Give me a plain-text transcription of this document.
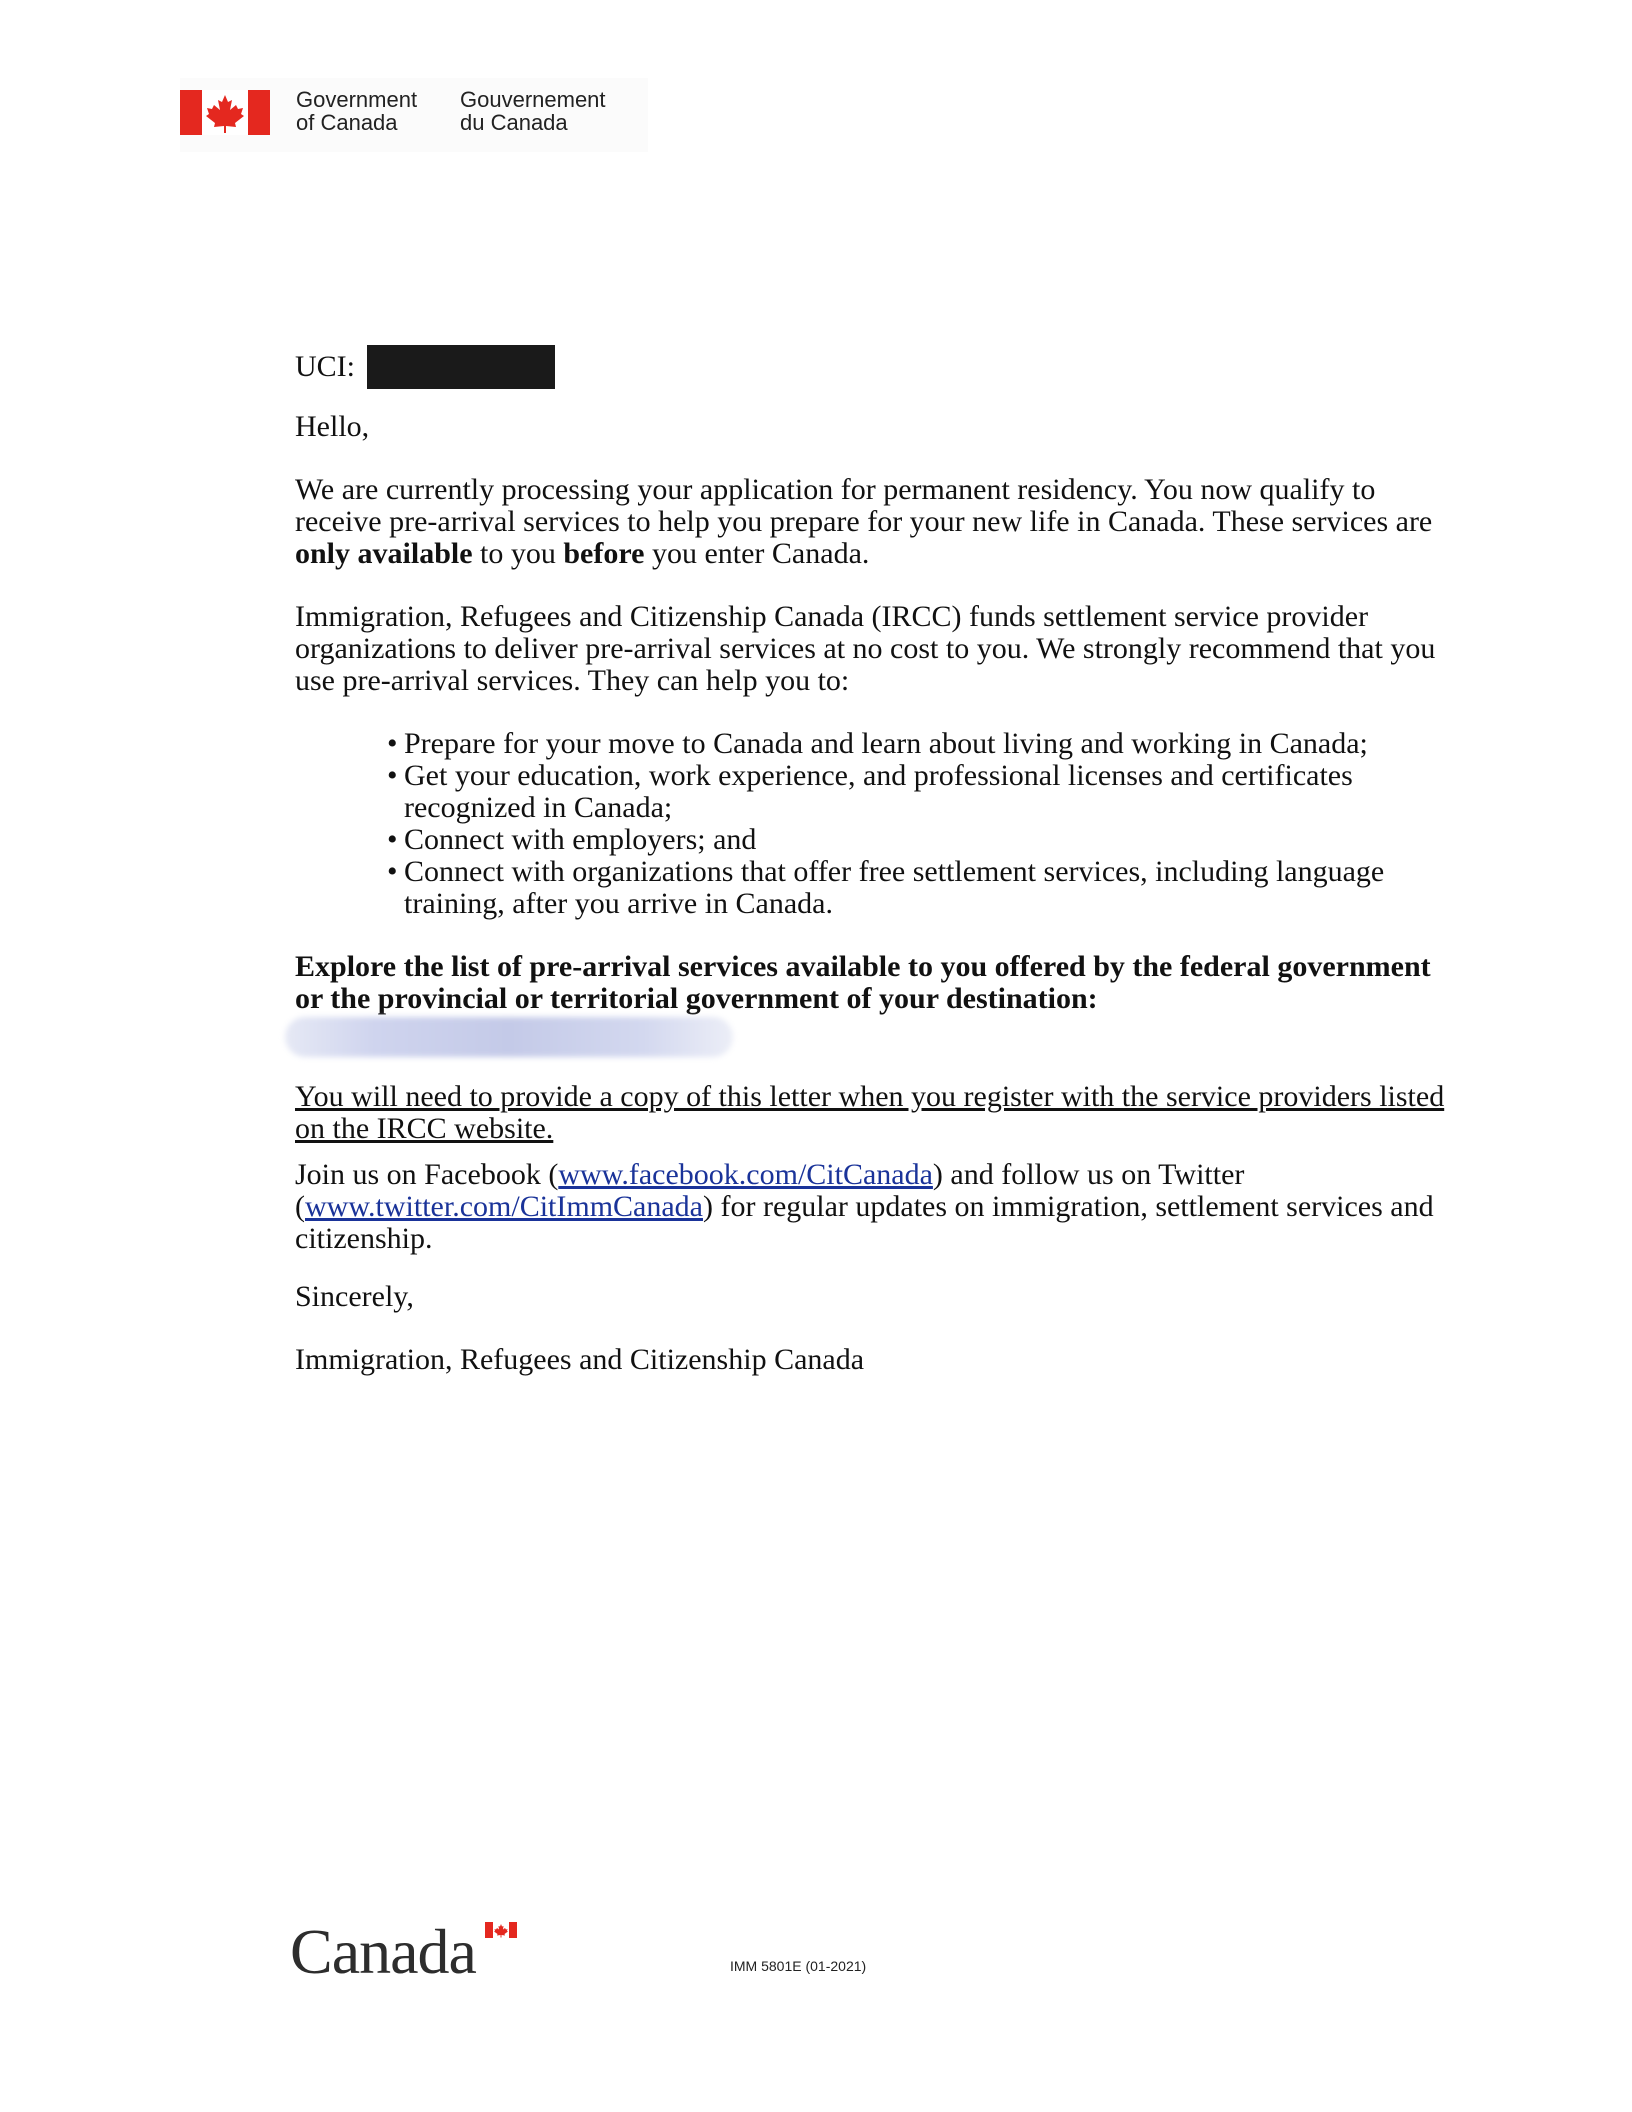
Government
of Canada
Gouvernement
du Canada
UCI:

Hello,

We are currently processing your application for permanent residency. You now qualify to receive pre-arrival services to help you prepare for your new life in Canada. These services are only available to you before you enter Canada.

Immigration, Refugees and Citizenship Canada (IRCC) funds settlement service provider organizations to deliver pre-arrival services at no cost to you. We strongly recommend that you use pre-arrival services. They can help you to:

• Prepare for your move to Canada and learn about living and working in Canada;
• Get your education, work experience, and professional licenses and certificates recognized in Canada;
• Connect with employers; and
• Connect with organizations that offer free settlement services, including language training, after you arrive in Canada.

Explore the list of pre-arrival services available to you offered by the federal government or the provincial or territorial government of your destination:

You will need to provide a copy of this letter when you register with the service providers listed on the IRCC website.

Join us on Facebook (www.facebook.com/CitCanada) and follow us on Twitter (www.twitter.com/CitImmCanada) for regular updates on immigration, settlement services and citizenship.

Sincerely,

Immigration, Refugees and Citizenship Canada

Canada	IMM 5801E (01-2021)
